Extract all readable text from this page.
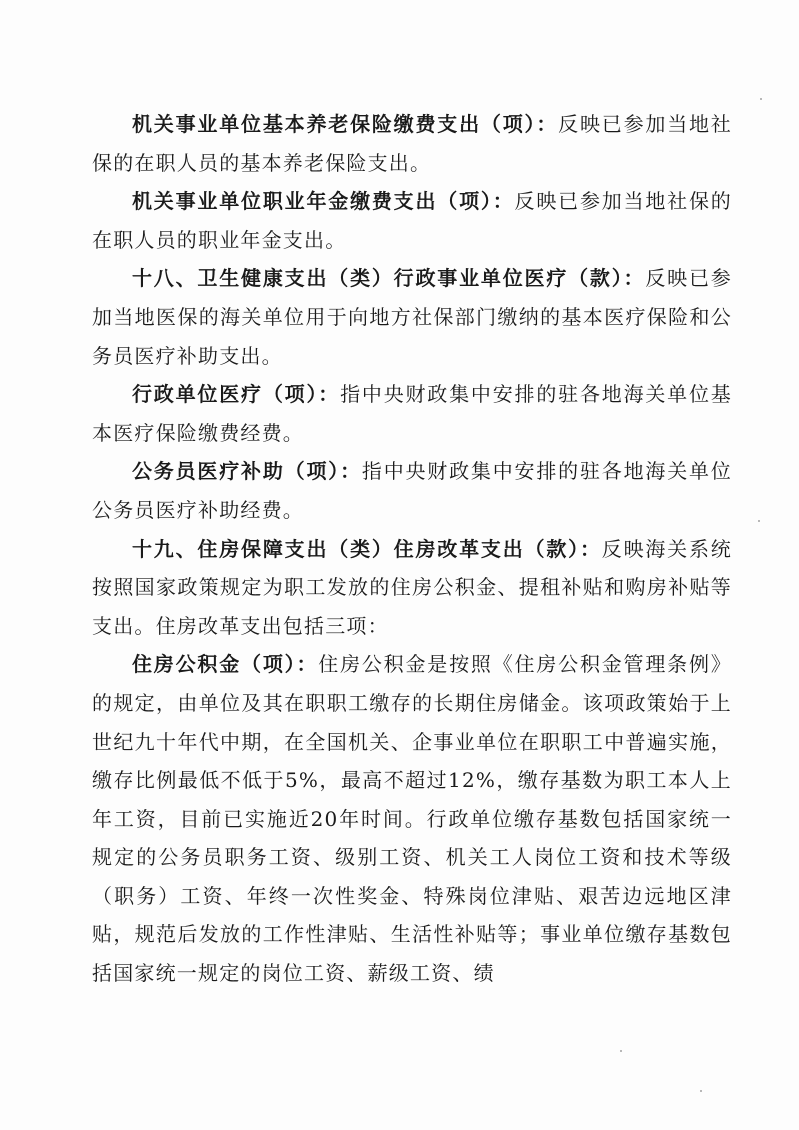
机关事业单位基本养老保险缴费支出（项）：反映已参加当地社保的在职人员的基本养老保险支出。

机关事业单位职业年金缴费支出（项）：反映已参加当地社保的在职人员的职业年金支出。

十八、卫生健康支出（类）行政事业单位医疗（款）：反映已参加当地医保的海关单位用于向地方社保部门缴纳的基本医疗保险和公务员医疗补助支出。

行政单位医疗（项）：指中央财政集中安排的驻各地海关单位基本医疗保险缴费经费。

公务员医疗补助（项）：指中央财政集中安排的驻各地海关单位公务员医疗补助经费。

十九、住房保障支出（类）住房改革支出（款）：反映海关系统按照国家政策规定为职工发放的住房公积金、提租补贴和购房补贴等支出。住房改革支出包括三项：

住房公积金（项）：住房公积金是按照《住房公积金管理条例》的规定，由单位及其在职职工缴存的长期住房储金。该项政策始于上世纪九十年代中期，在全国机关、企事业单位在职职工中普遍实施，缴存比例最低不低于5%，最高不超过12%，缴存基数为职工本人上年工资，目前已实施近20年时间。行政单位缴存基数包括国家统一规定的公务员职务工资、级别工资、机关工人岗位工资和技术等级（职务）工资、年终一次性奖金、特殊岗位津贴、艰苦边远地区津贴，规范后发放的工作性津贴、生活性补贴等；事业单位缴存基数包括国家统一规定的岗位工资、薪级工资、绩
